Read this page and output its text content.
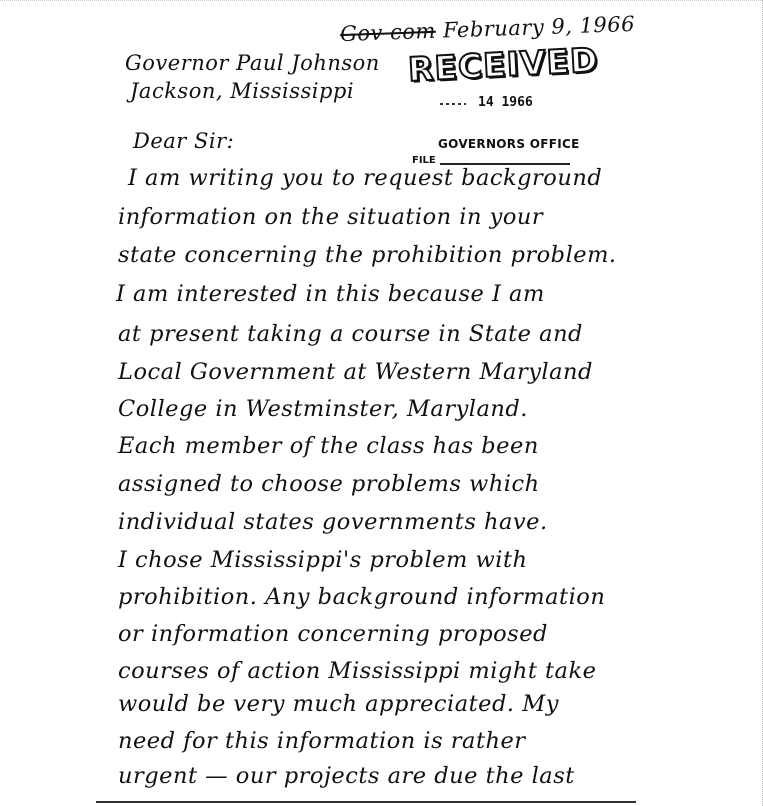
Gov com February 9, 1966
Governor Paul Johnson
Jackson, Mississippi
Dear Sir:
RECEIVED
14 1966
GOVERNORS OFFICE
FILE
I am writing you to request background
information on the situation in your
state concerning the prohibition problem.
I am interested in this because I am
at present taking a course in State and
Local Government at Western Maryland
College in Westminster, Maryland.
Each member of the class has been
assigned to choose problems which
individual states governments have.
I chose Mississippi's problem with
prohibition. Any background information
or information concerning proposed
courses of action Mississippi might take
would be very much appreciated. My
need for this information is rather
urgent — our projects are due the last
